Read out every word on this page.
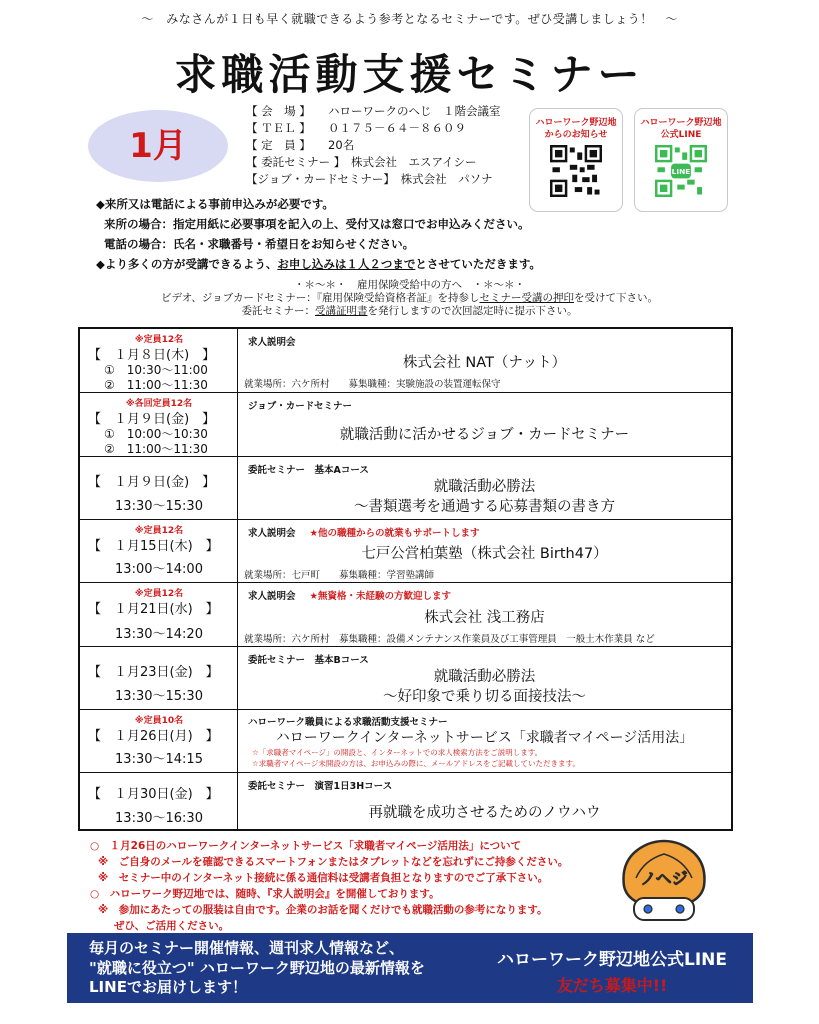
～　みなさんが１日も早く就職できるよう参考となるセミナーです。ぜひ受講しましょう！　～
求職活動支援セミナー
1月
【 会　場 】　　ハローワークのへじ　１階会議室
【 ＴＥＬ 】　　０１７５－６４－８６０９
【 定　員 】　　20名
【 委託セミナー 】　株式会社　エスアイシー
【ジョブ・カードセミナー】　株式会社　パソナ
ハローワーク野辺地
からのお知らせ
ハローワーク野辺地
公式LINE
LINE
◆来所又は電話による事前申込みが必要です。
来所の場合：指定用紙に必要事項を記入の上、受付又は窓口でお申込みください。
電話の場合：氏名・求職番号・希望日をお知らせください。
◆より多くの方が受講できるよう、お申し込みは１人２つまでとさせていただきます。
・＊～＊・　雇用保険受給中の方へ　・＊～＊・
ビデオ、ジョブカードセミナー：『雇用保険受給資格者証』を持参しセミナー受講の押印を受けて下さい。
委託セミナー：受講証明書を発行しますので次回認定時に提示下さい。
※定員12名
【　１月８日(木)　】
①　10:30～11:00
②　11:00～11:30
求人説明会
株式会社 NAT（ナット）
就業場所：六ケ所村　　募集職種：実験施設の装置運転保守
※各回定員12名
【　１月９日(金)　】
①　10:00～10:30
②　11:00～11:30
ジョブ・カードセミナー
就職活動に活かせるジョブ・カードセミナー
【　１月９日(金)　】
13:30～15:30
委託セミナー　基本Aコース
就職活動必勝法
～書類選考を通過する応募書類の書き方
※定員12名
【　１月15日(木)　】
13:00～14:00
求人説明会 ★他の職種からの就業もサポートします
七戸公営柏葉塾（株式会社 Birth47）
就業場所：七戸町　　募集職種：学習塾講師
※定員12名
【　１月21日(水)　】
13:30～14:20
求人説明会 ★無資格・未経験の方歓迎します
株式会社 浅工務店
就業場所：六ケ所村　募集職種：設備メンテナンス作業員及び工事管理員　一般土木作業員 など
【　１月23日(金)　】
13:30～15:30
委託セミナー　基本Bコース
就職活動必勝法
～好印象で乗り切る面接技法～
※定員10名
【　１月26日(月)　】
13:30～14:15
ハローワーク職員による求職活動支援セミナー
ハローワークインターネットサービス「求職者マイページ活用法」
☆「求職者マイページ」の開設と、インターネットでの求人検索方法をご説明します。
☆求職者マイページ未開設の方は、お申込みの際に、メールアドレスをご記載していただきます。
【　１月30日(金)　】
13:30～16:30
委託セミナー　演習1日3Hコース
再就職を成功させるためのノウハウ
○　１月26日のハローワークインターネットサービス「求職者マイページ活用法」について
※　ご自身のメールを確認できるスマートフォンまたはタブレットなどを忘れずにご持参ください。
※　セミナー中のインターネット接続に係る通信料は受講者負担となりますのでご了承下さい。
○　ハローワーク野辺地では、随時、『求人説明会』を開催しております。
※　参加にあたっての服装は自由です。企業のお話を聞くだけでも就職活動の参考になります。
ぜひ、ご活用ください。
ノヘジ
毎月のセミナー開催情報、週刊求人情報など、
"就職に役立つ" ハローワーク野辺地の最新情報を
LINEでお届けします！
ハローワーク野辺地公式LINE
友だち募集中!!
